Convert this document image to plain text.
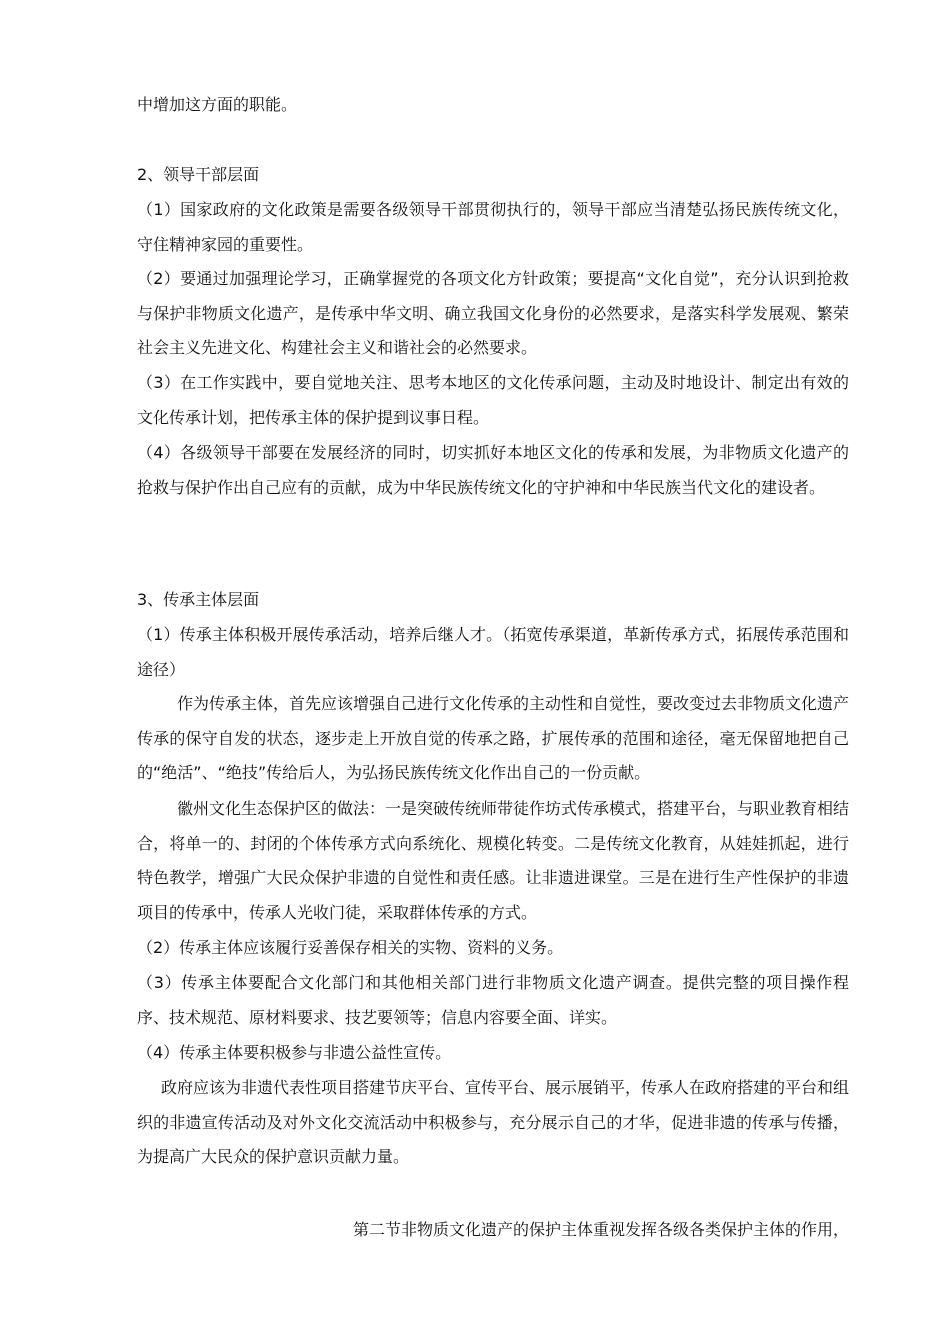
中增加这方面的职能。

2、领导干部层面

（1）国家政府的文化政策是需要各级领导干部贯彻执行的，领导干部应当清楚弘扬民族传统文化，守住精神家园的重要性。

（2）要通过加强理论学习，正确掌握党的各项文化方针政策；要提高“文化自觉”，充分认识到抢救与保护非物质文化遗产，是传承中华文明、确立我国文化身份的必然要求，是落实科学发展观、繁荣社会主义先进文化、构建社会主义和谐社会的必然要求。

（3）在工作实践中，要自觉地关注、思考本地区的文化传承问题，主动及时地设计、制定出有效的文化传承计划，把传承主体的保护提到议事日程。

（4）各级领导干部要在发展经济的同时，切实抓好本地区文化的传承和发展，为非物质文化遗产的抢救与保护作出自己应有的贡献，成为中华民族传统文化的守护神和中华民族当代文化的建设者。

3、传承主体层面

（1）传承主体积极开展传承活动，培养后继人才。（拓宽传承渠道，革新传承方式，拓展传承范围和途径）

作为传承主体，首先应该增强自己进行文化传承的主动性和自觉性，要改变过去非物质文化遗产传承的保守自发的状态，逐步走上开放自觉的传承之路，扩展传承的范围和途径，毫无保留地把自己的“绝活”、“绝技”传给后人，为弘扬民族传统文化作出自己的一份贡献。

徽州文化生态保护区的做法：一是突破传统师带徒作坊式传承模式，搭建平台，与职业教育相结合，将单一的、封闭的个体传承方式向系统化、规模化转变。二是传统文化教育，从娃娃抓起，进行特色教学，增强广大民众保护非遗的自觉性和责任感。让非遗进课堂。三是在进行生产性保护的非遗项目的传承中，传承人光收门徒，采取群体传承的方式。

（2）传承主体应该履行妥善保存相关的实物、资料的义务。

（3）传承主体要配合文化部门和其他相关部门进行非物质文化遗产调查。提供完整的项目操作程序、技术规范、原材料要求、技艺要领等；信息内容要全面、详实。

（4）传承主体要积极参与非遗公益性宣传。

政府应该为非遗代表性项目搭建节庆平台、宣传平台、展示展销平，传承人在政府搭建的平台和组织的非遗宣传活动及对外文化交流活动中积极参与，充分展示自己的才华，促进非遗的传承与传播，为提高广大民众的保护意识贡献力量。

第二节非物质文化遗产的保护主体重视发挥各级各类保护主体的作用，
